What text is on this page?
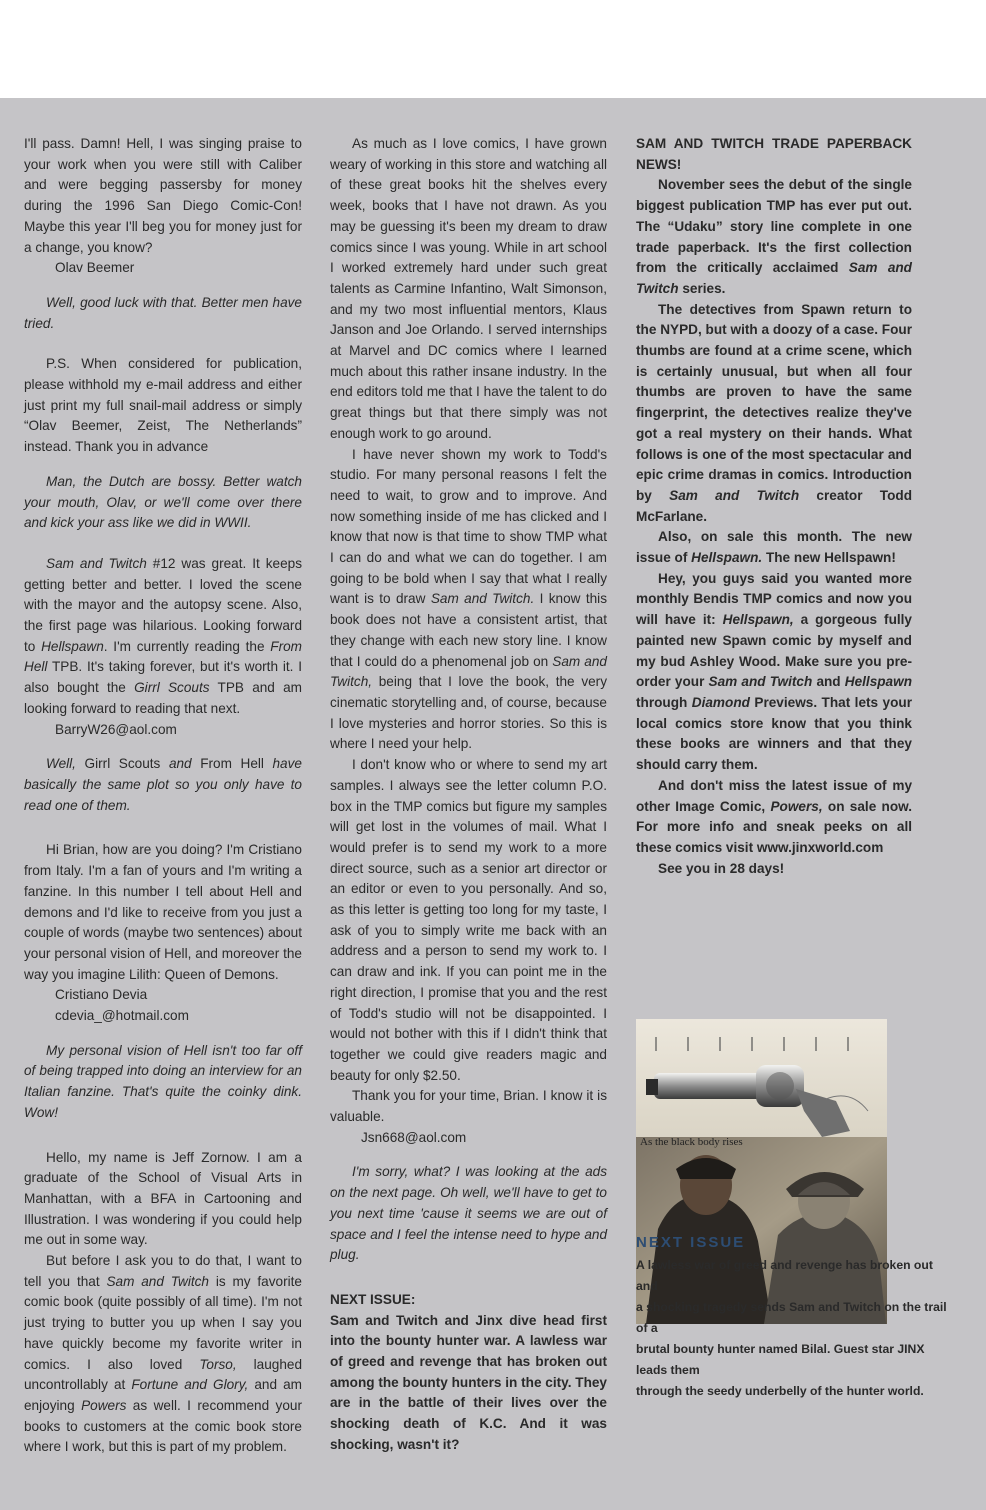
I'll pass. Damn! Hell, I was singing praise to your work when you were still with Caliber and were begging passersby for money during the 1996 San Diego Comic-Con! Maybe this year I'll beg you for money just for a change, you know?

Olav Beemer

Well, good luck with that. Better men have tried.

P.S. When considered for publication, please withhold my e-mail address and either just print my full snail-mail address or simply “Olav Beemer, Zeist, The Netherlands” instead. Thank you in advance

Man, the Dutch are bossy. Better watch your mouth, Olav, or we'll come over there and kick your ass like we did in WWII.

Sam and Twitch #12 was great. It keeps getting better and better. I loved the scene with the mayor and the autopsy scene. Also, the first page was hilarious. Looking forward to Hellspawn. I'm currently reading the From Hell TPB. It's taking forever, but it's worth it. I also bought the Girrl Scouts TPB and am looking forward to reading that next.

BarryW26@aol.com

Well, Girrl Scouts and From Hell have basically the same plot so you only have to read one of them.

Hi Brian, how are you doing? I'm Cristiano from Italy. I'm a fan of yours and I'm writing a fanzine. In this number I tell about Hell and demons and I'd like to receive from you just a couple of words (maybe two sentences) about your personal vision of Hell, and moreover the way you imagine Lilith: Queen of Demons.

Cristiano Devia

cdevia_@hotmail.com

My personal vision of Hell isn't too far off of being trapped into doing an interview for an Italian fanzine. That's quite the coinky dink. Wow!

Hello, my name is Jeff Zornow. I am a graduate of the School of Visual Arts in Manhattan, with a BFA in Cartooning and Illustration. I was wondering if you could help me out in some way.

But before I ask you to do that, I want to tell you that Sam and Twitch is my favorite comic book (quite possibly of all time). I'm not just trying to butter you up when I say you have quickly become my favorite writer in comics. I also loved Torso, laughed uncontrollably at Fortune and Glory, and am enjoying Powers as well. I recommend your books to customers at the comic book store where I work, but this is part of my problem.

As much as I love comics, I have grown weary of working in this store and watching all of these great books hit the shelves every week, books that I have not drawn. As you may be guessing it's been my dream to draw comics since I was young. While in art school I worked extremely hard under such great talents as Carmine Infantino, Walt Simonson, and my two most influential mentors, Klaus Janson and Joe Orlando. I served internships at Marvel and DC comics where I learned much about this rather insane industry. In the end editors told me that I have the talent to do great things but that there simply was not enough work to go around.

I have never shown my work to Todd's studio. For many personal reasons I felt the need to wait, to grow and to improve. And now something inside of me has clicked and I know that now is that time to show TMP what I can do and what we can do together. I am going to be bold when I say that what I really want is to draw Sam and Twitch. I know this book does not have a consistent artist, that they change with each new story line. I know that I could do a phenomenal job on Sam and Twitch, being that I love the book, the very cinematic storytelling and, of course, because I love mysteries and horror stories. So this is where I need your help.

I don't know who or where to send my art samples. I always see the letter column P.O. box in the TMP comics but figure my samples will get lost in the volumes of mail. What I would prefer is to send my work to a more direct source, such as a senior art director or an editor or even to you personally. And so, as this letter is getting too long for my taste, I ask of you to simply write me back with an address and a person to send my work to. I can draw and ink. If you can point me in the right direction, I promise that you and the rest of Todd's studio will not be disappointed. I would not bother with this if I didn't think that together we could give readers magic and beauty for only $2.50.

Thank you for your time, Brian. I know it is valuable.

Jsn668@aol.com

I'm sorry, what? I was looking at the ads on the next page. Oh well, we'll have to get to you next time 'cause it seems we are out of space and I feel the intense need to hype and plug.

NEXT ISSUE:

Sam and Twitch and Jinx dive head first into the bounty hunter war. A lawless war of greed and revenge that has broken out among the bounty hunters in the city. They are in the battle of their lives over the shocking death of K.C. And it was shocking, wasn't it?

SAM AND TWITCH TRADE PAPERBACK NEWS!

November sees the debut of the single biggest publication TMP has ever put out. The “Udaku” story line complete in one trade paperback. It's the first collection from the critically acclaimed Sam and Twitch series.

The detectives from Spawn return to the NYPD, but with a doozy of a case. Four thumbs are found at a crime scene, which is certainly unusual, but when all four thumbs are proven to have the same fingerprint, the detectives realize they've got a real mystery on their hands. What follows is one of the most spectacular and epic crime dramas in comics. Introduction by Sam and Twitch creator Todd McFarlane.

Also, on sale this month. The new issue of Hellspawn. The new Hellspawn!

Hey, you guys said you wanted more monthly Bendis TMP comics and now you will have it: Hellspawn, a gorgeous fully painted new Spawn comic by myself and my bud Ashley Wood. Make sure you pre-order your Sam and Twitch and Hellspawn through Diamond Previews. That lets your local comics store know that you think these books are winners and that they should carry them.

And don't miss the latest issue of my other Image Comic, Powers, on sale now. For more info and sneak peeks on all these comics visit www.jinxworld.com

See you in 28 days!

As the black body rises
NEXT ISSUE
A lawless war of greed and revenge has broken out and
a shocking tragedy sends Sam and Twitch on the trail of a
brutal bounty hunter named Bilal. Guest star JINX leads them
through the seedy underbelly of the hunter world.
